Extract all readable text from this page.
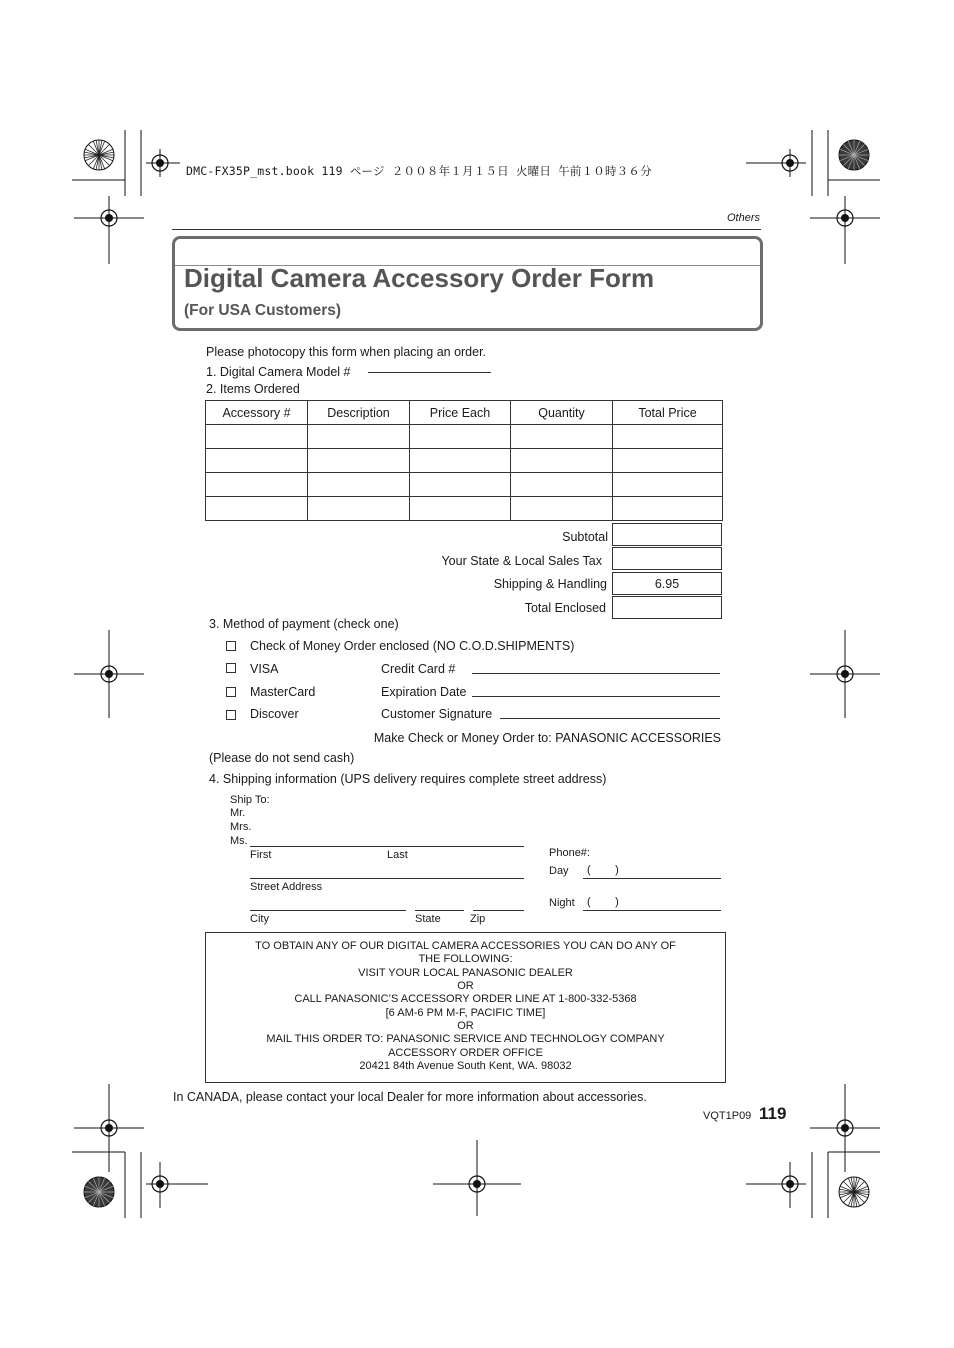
DMC-FX35P_mst.book 119 ページ ２００８年１月１５日 火曜日 午前１０時３６分
Others
Digital Camera Accessory Order Form
(For USA Customers)
Please photocopy this form when placing an order.
1. Digital Camera Model #
2. Items Ordered
Accessory #	Description	Price Each	Quantity	Total Price

Subtotal
Your State & Local Sales Tax
Shipping & Handling	6.95
Total Enclosed
3. Method of payment (check one)
Check of Money Order enclosed (NO C.O.D.SHIPMENTS)
VISA	Credit Card #
MasterCard	Expiration Date
Discover	Customer Signature
Make Check or Money Order to: PANASONIC ACCESSORIES
(Please do not send cash)
4. Shipping information (UPS delivery requires complete street address)
Ship To:
Mr.
Mrs.
Ms.
First	Last
Street Address
City	State	Zip
Phone#:
Day (        )
Night (        )
TO OBTAIN ANY OF OUR DIGITAL CAMERA ACCESSORIES YOU CAN DO ANY OF
THE FOLLOWING:
VISIT YOUR LOCAL PANASONIC DEALER
OR
CALL PANASONIC’S ACCESSORY ORDER LINE AT 1-800-332-5368
[6 AM-6 PM M-F, PACIFIC TIME]
OR
MAIL THIS ORDER TO: PANASONIC SERVICE AND TECHNOLOGY COMPANY
ACCESSORY ORDER OFFICE
20421 84th Avenue South Kent, WA. 98032
In CANADA, please contact your local Dealer for more information about accessories.
VQT1P09 119
